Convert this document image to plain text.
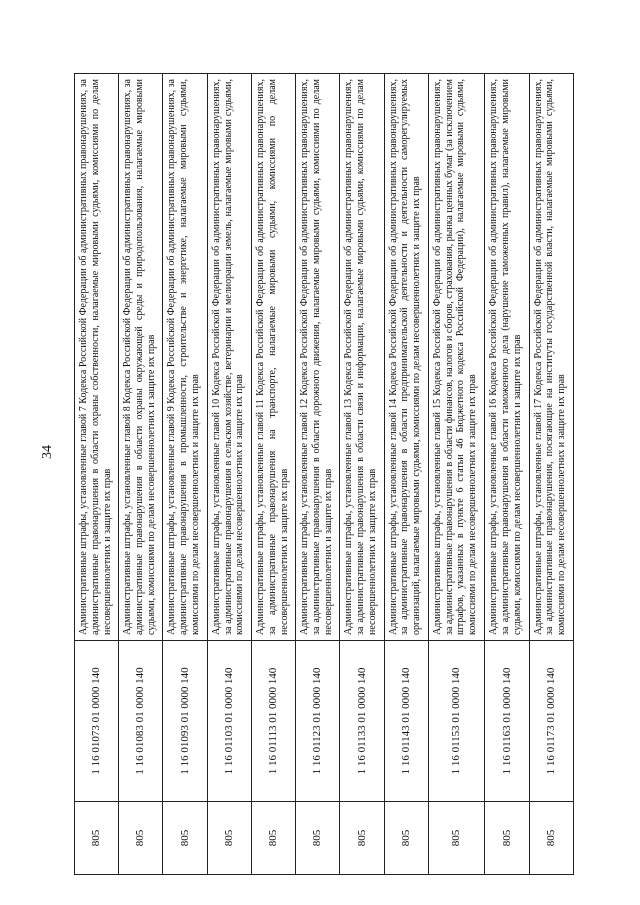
34
805	1 16 01073 01 0000 140	Административные штрафы, установленные главой 7 Кодекса Российской Федерации об административных правонарушениях, за административные правонарушения в области охраны собственности, налагаемые мировыми судьями, комиссиями по делам несовершеннолетних и защите их прав
805	1 16 01083 01 0000 140	Административные штрафы, установленные главой 8 Кодекса Российской Федерации об административных правонарушениях, за административные правонарушения в области охраны окружающей среды и природопользования, налагаемые мировыми судьями, комиссиями по делам несовершеннолетних и защите их прав
805	1 16 01093 01 0000 140	Административные штрафы, установленные главой 9 Кодекса Российской Федерации об административных правонарушениях, за административные правонарушения в промышленности, строительстве и энергетике, налагаемые мировыми судьями, комиссиями по делам несовершеннолетних и защите их прав
805	1 16 01103 01 0000 140	Административные штрафы, установленные главой 10 Кодекса Российской Федерации об административных правонарушениях, за административные правонарушения в сельском хозяйстве, ветеринарии и мелиорации земель, налагаемые мировыми судьями, комиссиями по делам несовершеннолетних и защите их прав
805	1 16 01113 01 0000 140	Административные штрафы, установленные главой 11 Кодекса Российской Федерации об административных правонарушениях, за административные правонарушения на транспорте, налагаемые мировыми судьями, комиссиями по делам несовершеннолетних и защите их прав
805	1 16 01123 01 0000 140	Административные штрафы, установленные главой 12 Кодекса Российской Федерации об административных правонарушениях, за административные правонарушения в области дорожного движения, налагаемые мировыми судьями, комиссиями по делам несовершеннолетних и защите их прав
805	1 16 01133 01 0000 140	Административные штрафы, установленные главой 13 Кодекса Российской Федерации об административных правонарушениях, за административные правонарушения в области связи и информации, налагаемые мировыми судьями, комиссиями по делам несовершеннолетних и защите их прав
805	1 16 01143 01 0000 140	Административные штрафы, установленные главой 14 Кодекса Российской Федерации об административных правонарушениях, за административные правонарушения в области предпринимательской деятельности и деятельности саморегулируемых организаций, налагаемые мировыми судьями, комиссиями по делам несовершеннолетних и защите их прав
805	1 16 01153 01 0000 140	Административные штрафы, установленные главой 15 Кодекса Российской Федерации об административных правонарушениях, за административные правонарушения в области финансов, налогов и сборов, страхования, рынка ценных бумаг (за исключением штрафов, указанных в пункте 6 статьи 46 Бюджетного кодекса Российской Федерации), налагаемые мировыми судьями, комиссиями по делам несовершеннолетних и защите их прав
805	1 16 01163 01 0000 140	Административные штрафы, установленные главой 16 Кодекса Российской Федерации об административных правонарушениях, за административные правонарушения в области таможенного дела (нарушение таможенных правил), налагаемые мировыми судьями, комиссиями по делам несовершеннолетних и защите их прав
805	1 16 01173 01 0000 140	Административные штрафы, установленные главой 17 Кодекса Российской Федерации об административных правонарушениях, за административные правонарушения, посягающие на институты государственной власти, налагаемые мировыми судьями, комиссиями по делам несовершеннолетних и защите их прав
